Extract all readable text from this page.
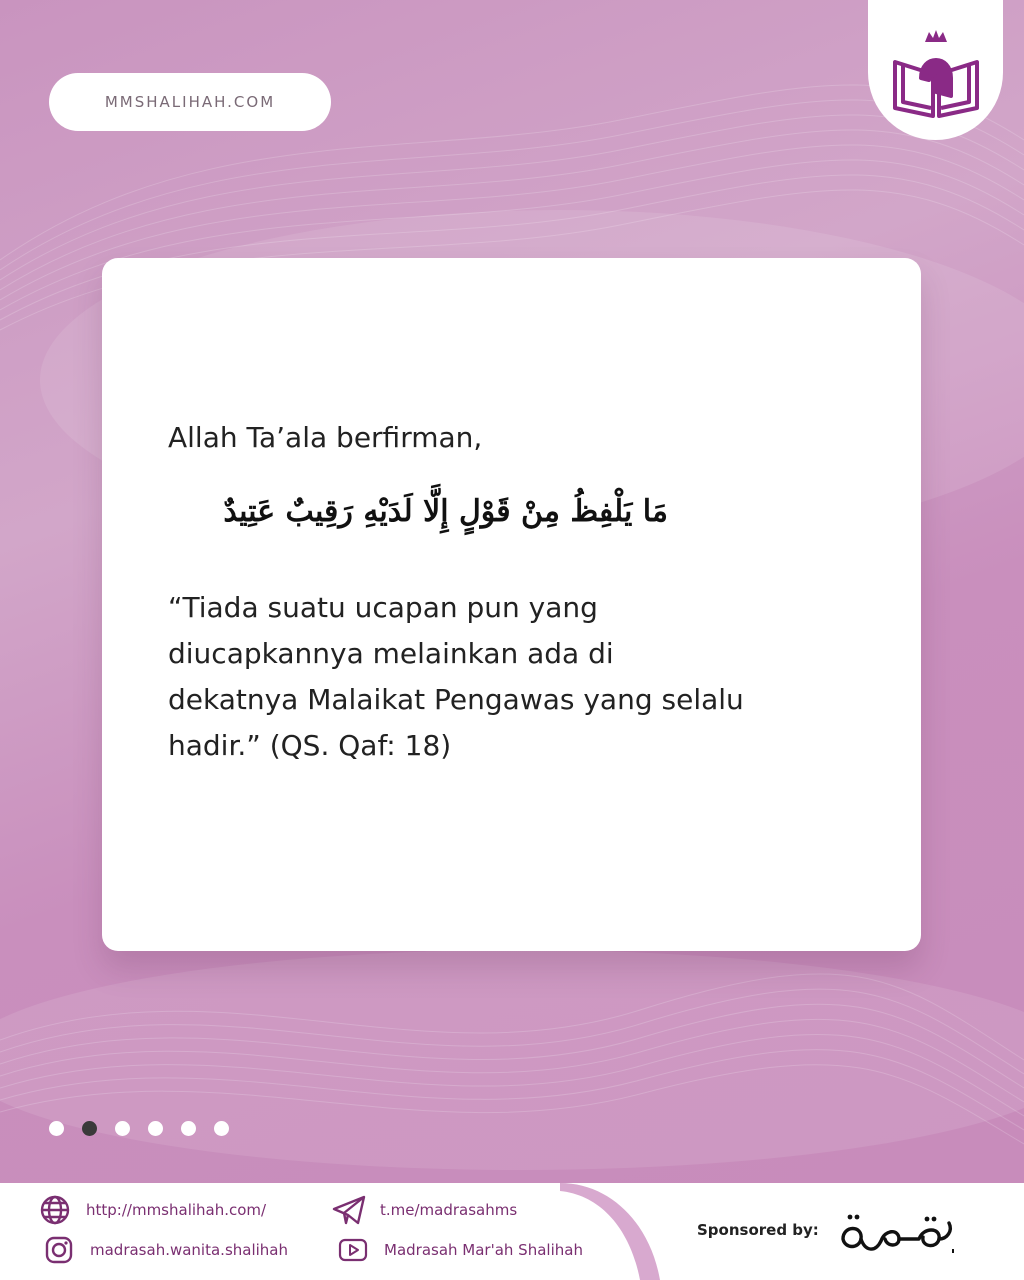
MMSHALIHAH.COM
Allah Ta’ala berfirman,
مَا يَلْفِظُ مِنْ قَوْلٍ إِلَّا لَدَيْهِ رَقِيبٌ عَتِيدٌ
“Tiada suatu ucapan pun yang diucapkannya melainkan ada di dekatnya Malaikat Pengawas yang selalu hadir.” (QS. Qaf: 18)
http://mmshalihah.com/	t.me/madrasahms
madrasah.wanita.shalihah	Madrasah Mar'ah Shalihah
Sponsored by:
